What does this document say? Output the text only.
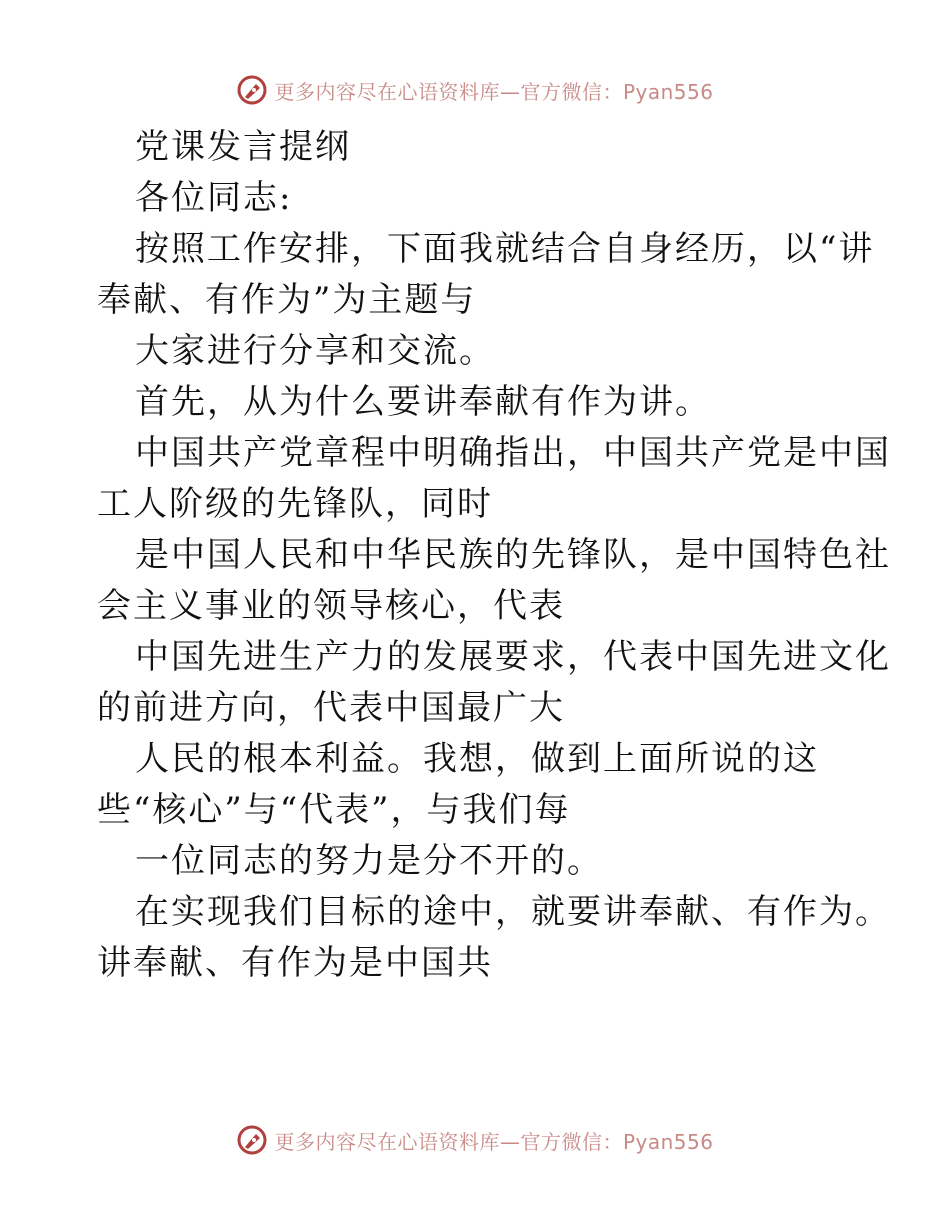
更多内容尽在心语资料库—官方微信：Pyan556
党课发言提纲
各位同志:
按照工作安排，下面我就结合自身经历，以“讲
奉献、有作为”为主题与
大家进行分享和交流。
首先，从为什么要讲奉献有作为讲。
中国共产党章程中明确指出，中国共产党是中国
工人阶级的先锋队，同时
是中国人民和中华民族的先锋队，是中国特色社
会主义事业的领导核心，代表
中国先进生产力的发展要求，代表中国先进文化
的前进方向，代表中国最广大
人民的根本利益。我想，做到上面所说的这
些“核心”与“代表”，与我们每
一位同志的努力是分不开的。
在实现我们目标的途中，就要讲奉献、有作为。
讲奉献、有作为是中国共
更多内容尽在心语资料库—官方微信：Pyan556
